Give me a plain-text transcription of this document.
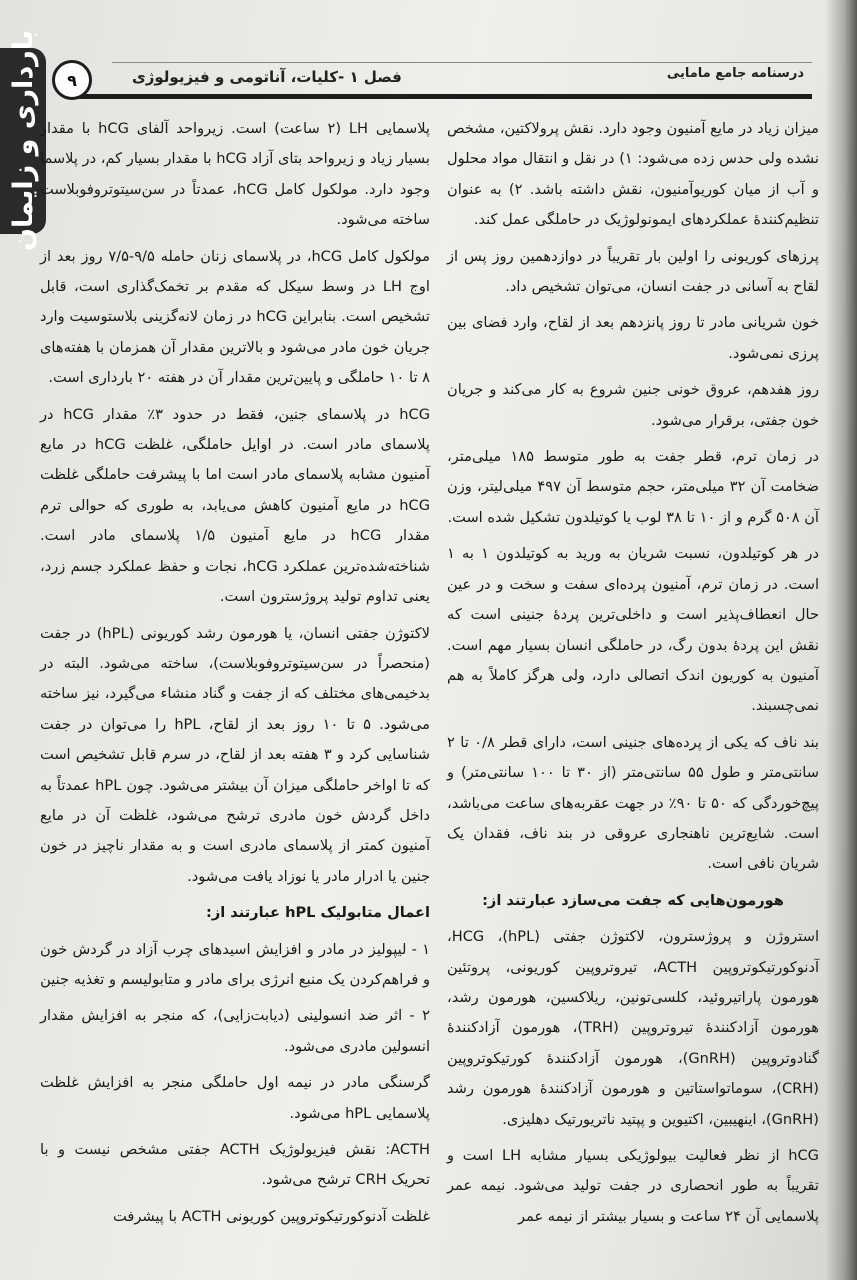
بارداری و زایمان	درسنامه جامع مامایی
فصل ۱ -کلیات، آناتومی و فیزیولوژی
۹

میزان زیاد در مایع آمنیون وجود دارد. نقش پرولاکتین، مشخص نشده ولی حدس زده می‌شود: ۱) در نقل و انتقال مواد محلول و آب از میان کوریوآمنیون، نقش داشته باشد. ۲) به عنوان تنظیم‌کنندهٔ عملکردهای ایمونولوژیک در حاملگی عمل کند.

پرزهای کوریونی را اولین بار تقریباً در دوازدهمین روز پس از لقاح به آسانی در جفت انسان، می‌توان تشخیص داد.

خون شریانی مادر تا روز پانزدهم بعد از لقاح، وارد فضای بین پرزی نمی‌شود.

روز هفدهم، عروق خونی جنین شروع به کار می‌کند و جریان خون جفتی، برقرار می‌شود.

در زمان ترم، قطر جفت به طور متوسط ۱۸۵ میلی‌متر، ضخامت آن ۳۲ میلی‌متر، حجم متوسط آن ۴۹۷ میلی‌لیتر، وزن آن ۵۰۸ گرم و از ۱۰ تا ۳۸ لوب یا کوتیلدون تشکیل شده است.

در هر کوتیلدون، نسبت شریان به ورید به کوتیلدون ۱ به ۱ است. در زمان ترم، آمنیون پرده‌ای سفت و سخت و در عین حال انعطاف‌پذیر است و داخلی‌ترین پردهٔ جنینی است که نقش این پردهٔ بدون رگ، در حاملگی انسان بسیار مهم است. آمنیون به کوریون اندک اتصالی دارد، ولی هرگز کاملاً به هم نمی‌چسبند.

بند ناف که یکی از پرده‌های جنینی است، دارای قطر ۰/۸ تا ۲ سانتی‌متر و طول ۵۵ سانتی‌متر (از ۳۰ تا ۱۰۰ سانتی‌متر) و پیچ‌خوردگی که ۵۰ تا ۹۰٪ در جهت عقربه‌های ساعت می‌باشد، است. شایع‌ترین ناهنجاری عروقی در بند ناف، فقدان یک شریان نافی است.

هورمون‌هایی که جفت می‌سازد عبارتند از:

استروژن و پروژسترون، لاکتوژن جفتی (hPL)، HCG، آدنوکورتیکوتروپین ACTH، تیروتروپین کوریونی، پروتئین هورمون پاراتیروئید، کلسی‌تونین، ریلاکسین، هورمون رشد، هورمون آزادکنندهٔ تیروتروپین (TRH)، هورمون آزادکنندهٔ گنادوتروپین (GnRH)، هورمون آزادکنندهٔ کورتیکوتروپین (CRH)، سوماتواستاتین و هورمون آزادکنندهٔ هورمون رشد (GnRH)، اینهیبین، اکتیوین و پپتید ناتریورتیک دهلیزی.

hCG از نظر فعالیت بیولوژیکی بسیار مشابه LH است و تقریباً به طور انحصاری در جفت تولید می‌شود. نیمه عمر پلاسمایی آن ۲۴ ساعت و بسیار بیشتر از نیمه عمر

پلاسمایی LH (۲ ساعت) است. زیرواحد آلفای hCG با مقدار بسیار زیاد و زیرواحد بتای آزاد hCG با مقدار بسیار کم، در پلاسما وجود دارد. مولکول کامل hCG، عمدتاً در سن‌سیتوتروفوبلاست ساخته می‌شود.

مولکول کامل hCG، در پلاسمای زنان حامله ۹/۵-۷/۵ روز بعد از اوج LH در وسط سیکل که مقدم بر تخمک‌گذاری است، قابل تشخیص است. بنابراین hCG در زمان لانه‌گزینی بلاستوسیت وارد جریان خون مادر می‌شود و بالاترین مقدار آن همزمان با هفته‌های ۸ تا ۱۰ حاملگی و پایین‌ترین مقدار آن در هفته ۲۰ بارداری است.

hCG در پلاسمای جنین، فقط در حدود ۳٪ مقدار hCG در پلاسمای مادر است. در اوایل حاملگی، غلظت hCG در مایع آمنیون مشابه پلاسمای مادر است اما با پیشرفت حاملگی غلظت hCG در مایع آمنیون کاهش می‌یابد، به طوری که حوالی ترم مقدار hCG در مایع آمنیون ۱/۵ پلاسمای مادر است. شناخته‌شده‌ترین عملکرد hCG، نجات و حفظ عملکرد جسم زرد، یعنی تداوم تولید پروژسترون است.

لاکتوژن جفتی انسان، یا هورمون رشد کوریونی (hPL) در جفت (منحصراً در سن‌سیتوتروفوبلاست)، ساخته می‌شود. البته در بدخیمی‌های مختلف که از جفت و گناد منشاء می‌گیرد، نیز ساخته می‌شود. ۵ تا ۱۰ روز بعد از لقاح، hPL را می‌توان در جفت شناسایی کرد و ۳ هفته بعد از لقاح، در سرم قابل تشخیص است که تا اواخر حاملگی میزان آن بیشتر می‌شود. چون hPL عمدتاً به داخل گردش خون مادری ترشح می‌شود، غلظت آن در مایع آمنیون کمتر از پلاسمای مادری است و به مقدار ناچیز در خون جنین یا ادرار مادر یا نوزاد یافت می‌شود.

اعمال متابولیک hPL عبارتند از:

۱ - لیپولیز در مادر و افزایش اسیدهای چرب آزاد در گردش خون و فراهم‌کردن یک منبع انرژی برای مادر و متابولیسم و تغذیه جنین

۲ - اثر ضد انسولینی (دیابت‌زایی)، که منجر به افزایش مقدار انسولین مادری می‌شود.

گرسنگی مادر در نیمه اول حاملگی منجر به افزایش غلظت پلاسمایی hPL می‌شود.

ACTH: نقش فیزیولوژیک ACTH جفتی مشخص نیست و با تحریک CRH ترشح می‌شود.

غلظت آدنوکورتیکوتروپین کوریونی ACTH با پیشرفت
